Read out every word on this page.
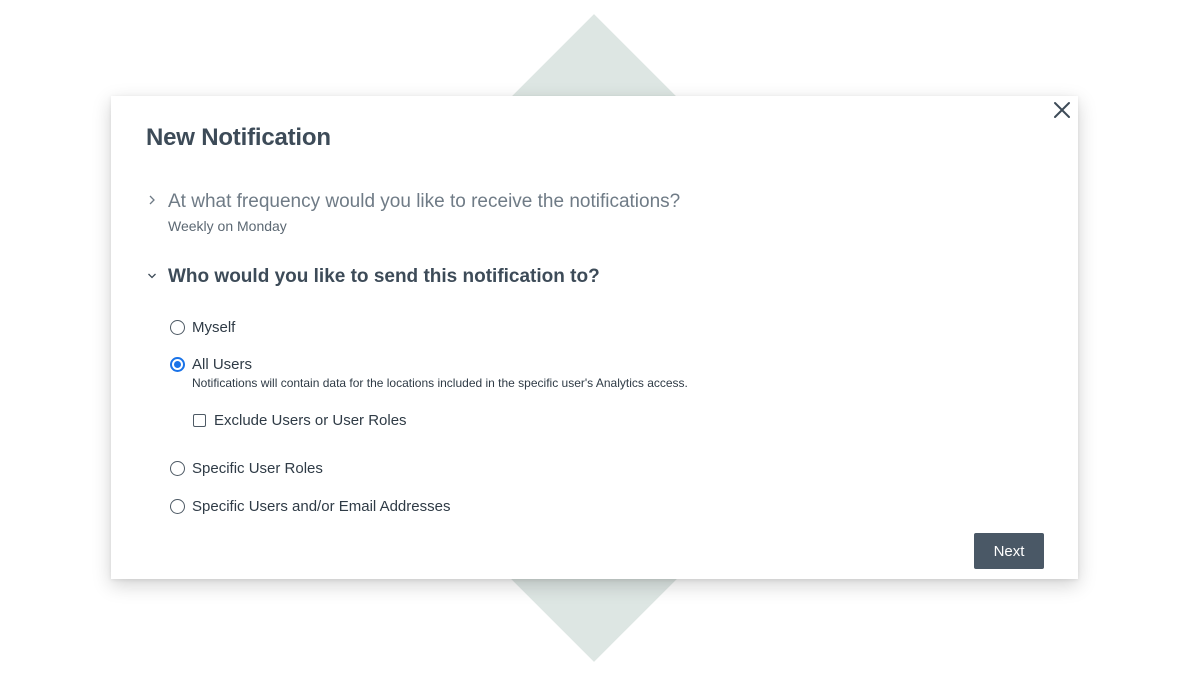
New Notification
At what frequency would you like to receive the notifications?
Weekly on Monday
Who would you like to send this notification to?
Myself
All Users
Notifications will contain data for the locations included in the specific user's Analytics access.
Exclude Users or User Roles
Specific User Roles
Specific Users and/or Email Addresses
Next
